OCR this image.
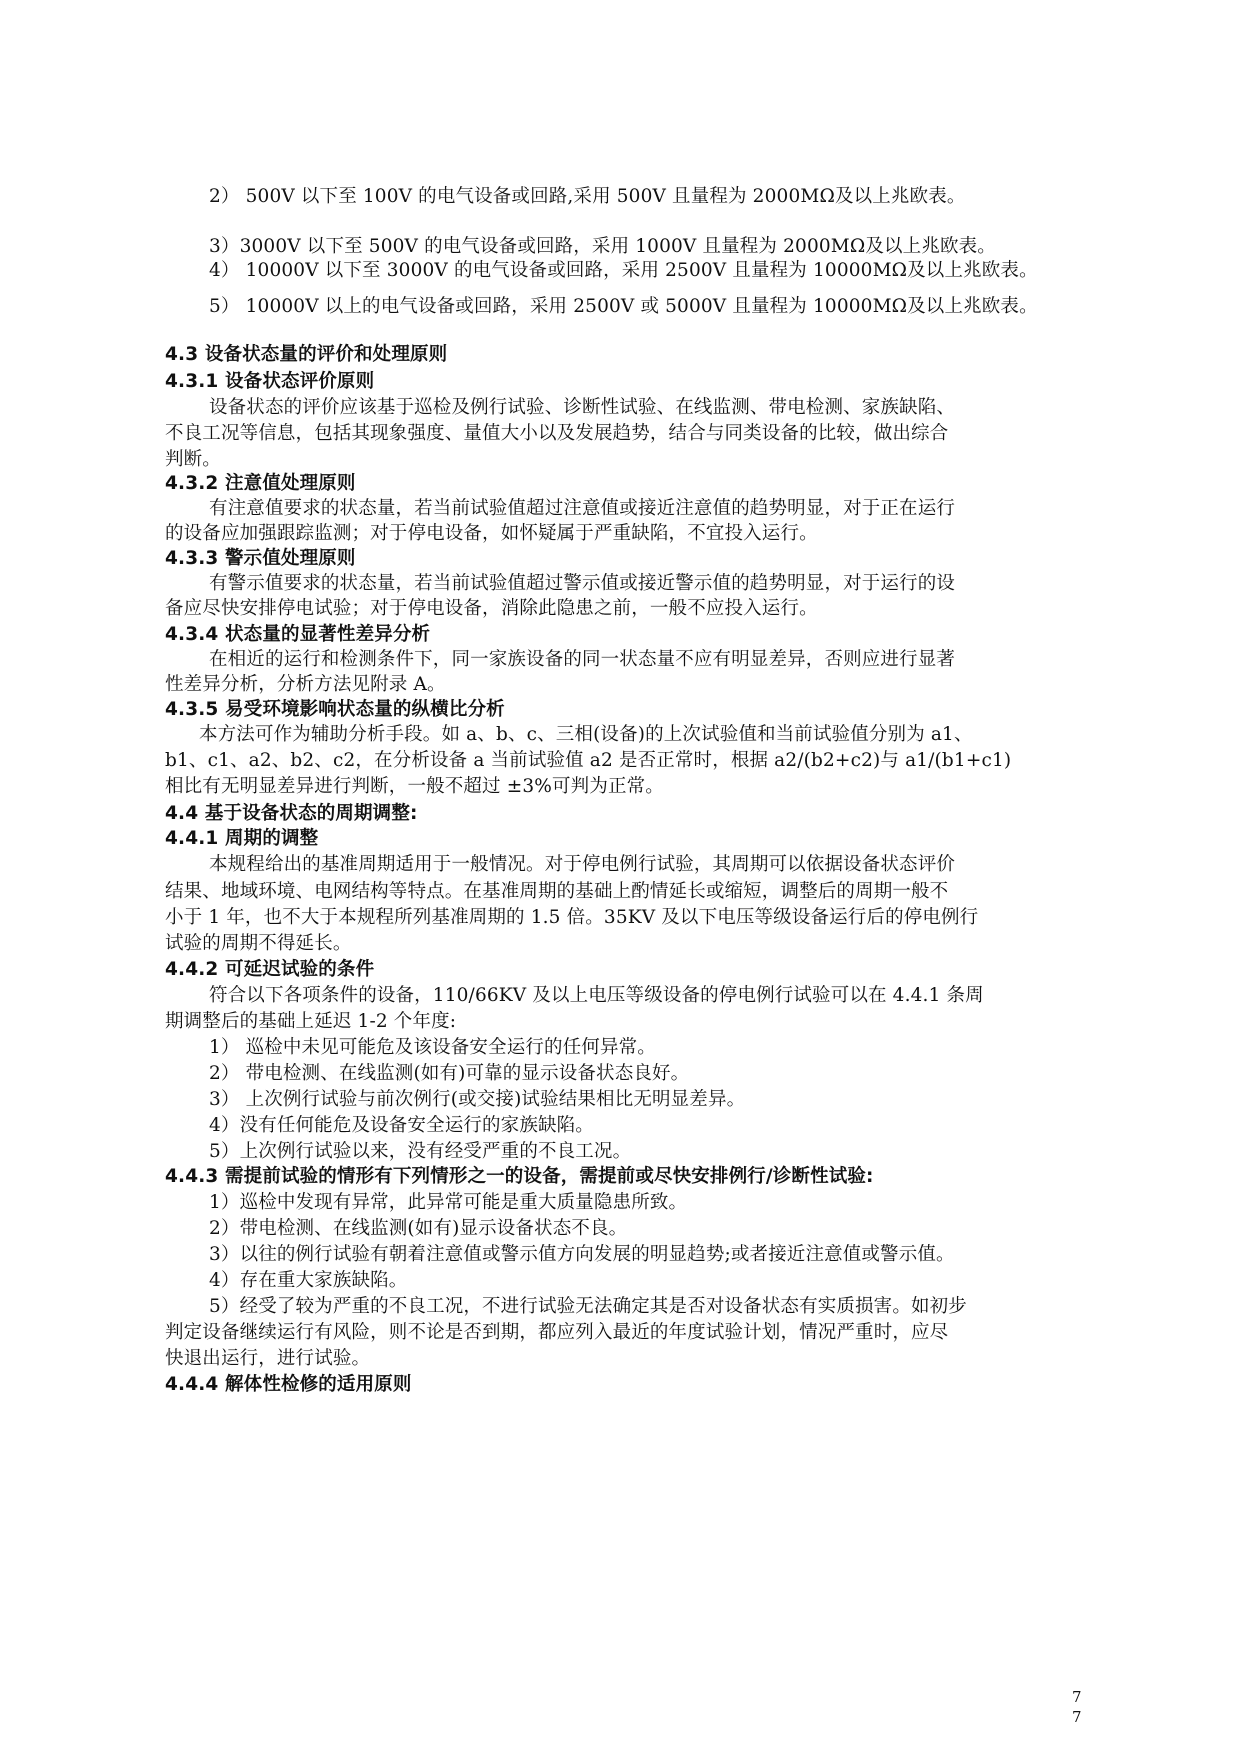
2） 500V 以下至 100V 的电气设备或回路,采用 500V 且量程为 2000MΩ及以上兆欧表。

3）3000V 以下至 500V 的电气设备或回路，采用 1000V 且量程为 2000MΩ及以上兆欧表。

4） 10000V 以下至 3000V 的电气设备或回路，采用 2500V 且量程为 10000MΩ及以上兆欧表。

5） 10000V 以上的电气设备或回路，采用 2500V 或 5000V 且量程为 10000MΩ及以上兆欧表。

4.3 设备状态量的评价和处理原则

4.3.1 设备状态评价原则

设备状态的评价应该基于巡检及例行试验、诊断性试验、在线监测、带电检测、家族缺陷、

不良工况等信息，包括其现象强度、量值大小以及发展趋势，结合与同类设备的比较，做出综合

判断。

4.3.2 注意值处理原则

有注意值要求的状态量，若当前试验值超过注意值或接近注意值的趋势明显，对于正在运行

的设备应加强跟踪监测；对于停电设备，如怀疑属于严重缺陷，不宜投入运行。

4.3.3 警示值处理原则

有警示值要求的状态量，若当前试验值超过警示值或接近警示值的趋势明显，对于运行的设

备应尽快安排停电试验；对于停电设备，消除此隐患之前，一般不应投入运行。

4.3.4 状态量的显著性差异分析

在相近的运行和检测条件下，同一家族设备的同一状态量不应有明显差异，否则应进行显著

性差异分析，分析方法见附录 A。

4.3.5 易受环境影响状态量的纵横比分析

本方法可作为辅助分析手段。如 a、b、c、三相(设备)的上次试验值和当前试验值分别为 a1、

b1、c1、a2、b2、c2，在分析设备 a 当前试验值 a2 是否正常时，根据 a2/(b2+c2)与 a1/(b1+c1)

相比有无明显差异进行判断，一般不超过 ±3%可判为正常。

4.4 基于设备状态的周期调整:

4.4.1 周期的调整

本规程给出的基准周期适用于一般情况。对于停电例行试验，其周期可以依据设备状态评价

结果、地域环境、电网结构等特点。在基准周期的基础上酌情延长或缩短，调整后的周期一般不

小于 1 年，也不大于本规程所列基准周期的 1.5 倍。35KV 及以下电压等级设备运行后的停电例行

试验的周期不得延长。

4.4.2 可延迟试验的条件

符合以下各项条件的设备，110/66KV 及以上电压等级设备的停电例行试验可以在 4.4.1 条周

期调整后的基础上延迟 1-2 个年度:

1） 巡检中未见可能危及该设备安全运行的任何异常。

2） 带电检测、在线监测(如有)可靠的显示设备状态良好。

3） 上次例行试验与前次例行(或交接)试验结果相比无明显差异。

4）没有任何能危及设备安全运行的家族缺陷。

5）上次例行试验以来，没有经受严重的不良工况。

4.4.3 需提前试验的情形有下列情形之一的设备，需提前或尽快安排例行/诊断性试验:

1）巡检中发现有异常，此异常可能是重大质量隐患所致。

2）带电检测、在线监测(如有)显示设备状态不良。

3）以往的例行试验有朝着注意值或警示值方向发展的明显趋势;或者接近注意值或警示值。

4）存在重大家族缺陷。

5）经受了较为严重的不良工况，不进行试验无法确定其是否对设备状态有实质损害。如初步

判定设备继续运行有风险，则不论是否到期，都应列入最近的年度试验计划，情况严重时，应尽

快退出运行，进行试验。

4.4.4 解体性检修的适用原则

7

7
